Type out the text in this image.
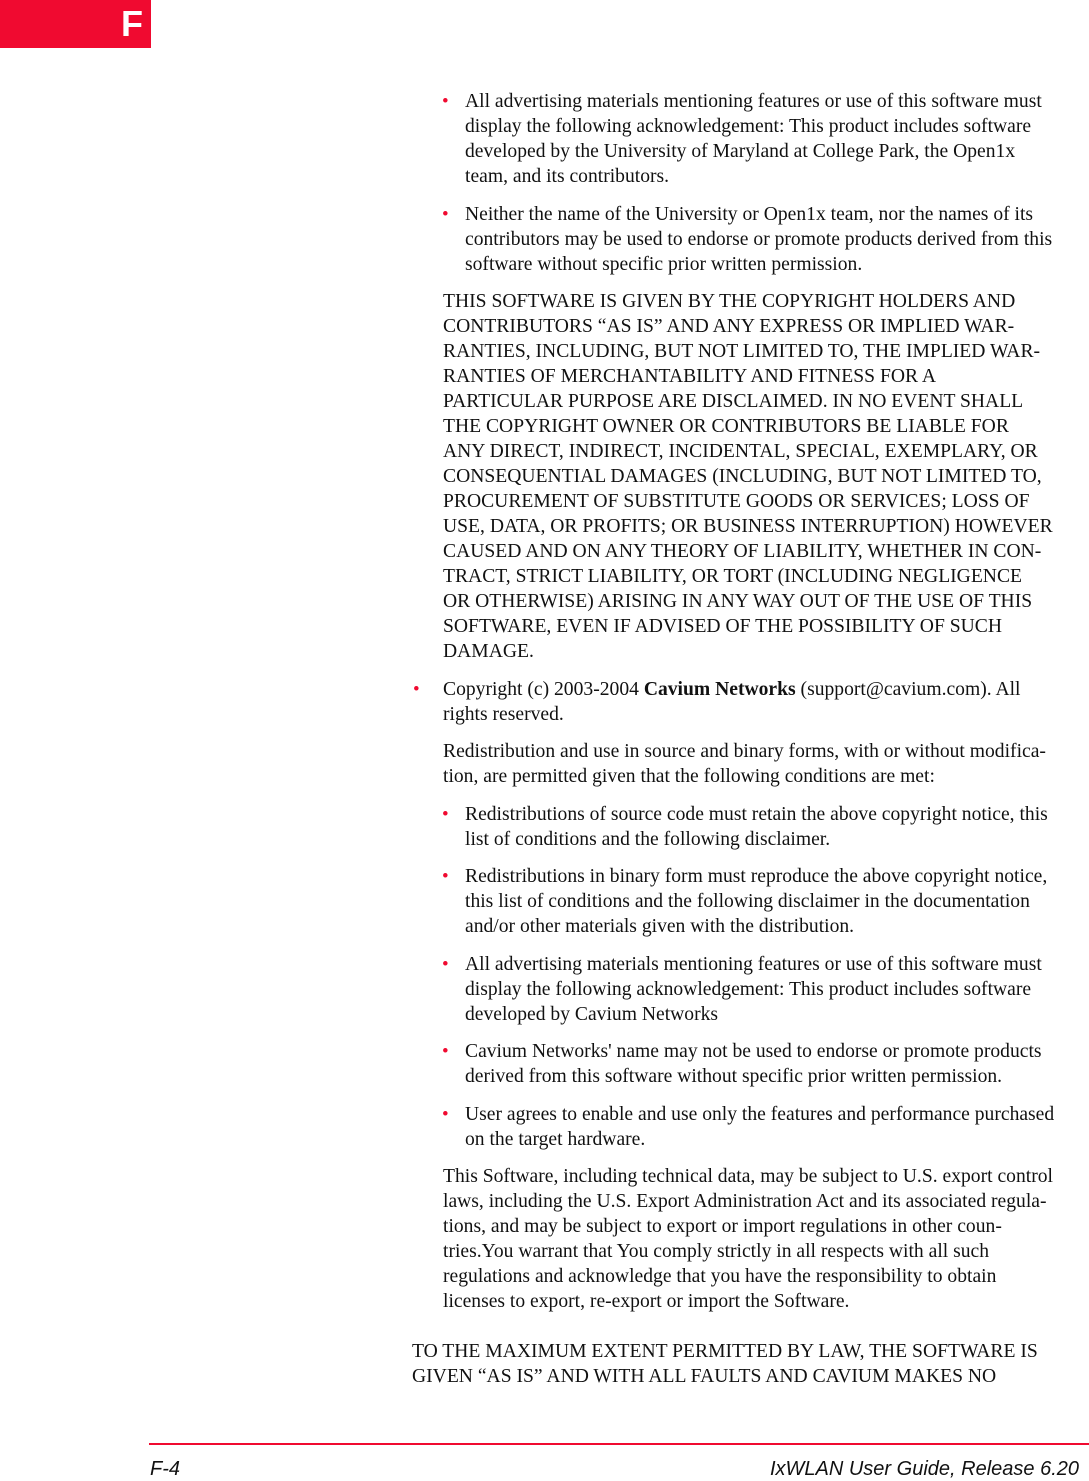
F
• All advertising materials mentioning features or use of this software must
display the following acknowledgement: This product includes software
developed by the University of Maryland at College Park, the Open1x
team, and its contributors.
• Neither the name of the University or Open1x team, nor the names of its
contributors may be used to endorse or promote products derived from this
software without specific prior written permission.
THIS SOFTWARE IS GIVEN BY THE COPYRIGHT HOLDERS AND
CONTRIBUTORS “AS IS” AND ANY EXPRESS OR IMPLIED WAR-
RANTIES, INCLUDING, BUT NOT LIMITED TO, THE IMPLIED WAR-
RANTIES OF MERCHANTABILITY AND FITNESS FOR A
PARTICULAR PURPOSE ARE DISCLAIMED. IN NO EVENT SHALL
THE COPYRIGHT OWNER OR CONTRIBUTORS BE LIABLE FOR
ANY DIRECT, INDIRECT, INCIDENTAL, SPECIAL, EXEMPLARY, OR
CONSEQUENTIAL DAMAGES (INCLUDING, BUT NOT LIMITED TO,
PROCUREMENT OF SUBSTITUTE GOODS OR SERVICES; LOSS OF
USE, DATA, OR PROFITS; OR BUSINESS INTERRUPTION) HOWEVER
CAUSED AND ON ANY THEORY OF LIABILITY, WHETHER IN CON-
TRACT, STRICT LIABILITY, OR TORT (INCLUDING NEGLIGENCE
OR OTHERWISE) ARISING IN ANY WAY OUT OF THE USE OF THIS
SOFTWARE, EVEN IF ADVISED OF THE POSSIBILITY OF SUCH
DAMAGE.
• Copyright (c) 2003-2004 Cavium Networks (support@cavium.com). All
rights reserved.
Redistribution and use in source and binary forms, with or without modifica-
tion, are permitted given that the following conditions are met:
• Redistributions of source code must retain the above copyright notice, this
list of conditions and the following disclaimer.
• Redistributions in binary form must reproduce the above copyright notice,
this list of conditions and the following disclaimer in the documentation
and/or other materials given with the distribution.
• All advertising materials mentioning features or use of this software must
display the following acknowledgement: This product includes software
developed by Cavium Networks
• Cavium Networks' name may not be used to endorse or promote products
derived from this software without specific prior written permission.
• User agrees to enable and use only the features and performance purchased
on the target hardware.
This Software, including technical data, may be subject to U.S. export control
laws, including the U.S. Export Administration Act and its associated regula-
tions, and may be subject to export or import regulations in other coun-
tries.You warrant that You comply strictly in all respects with all such
regulations and acknowledge that you have the responsibility to obtain
licenses to export, re-export or import the Software.
TO THE MAXIMUM EXTENT PERMITTED BY LAW, THE SOFTWARE IS
GIVEN “AS IS” AND WITH ALL FAULTS AND CAVIUM MAKES NO
F-4	IxWLAN User Guide, Release 6.20
